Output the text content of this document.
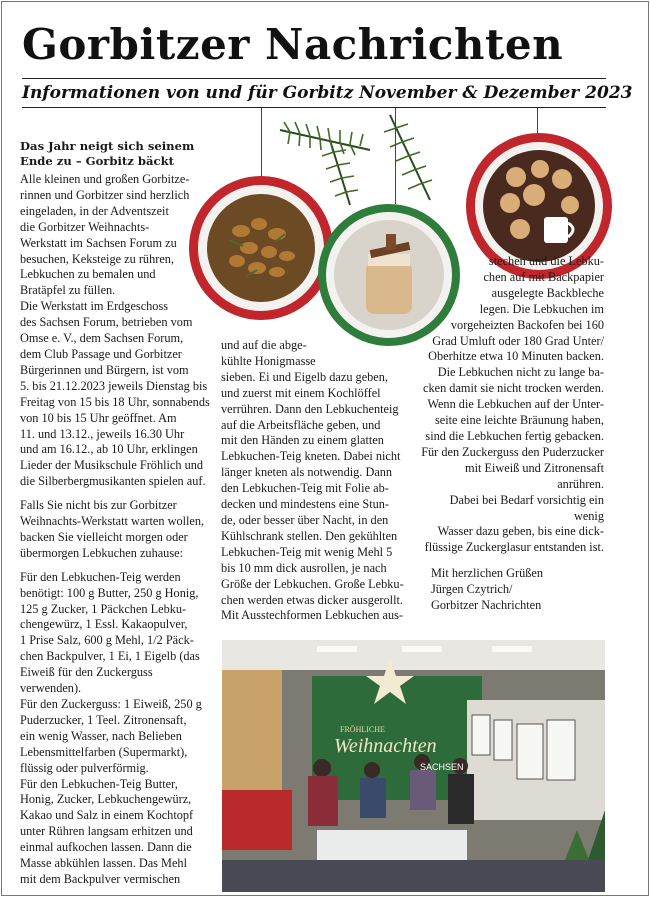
Gorbitzer Nachrichten
Informationen von und für Gorbitz November & Dezember 2023
Das Jahr neigt sich seinem
Ende zu – Gorbitz bäckt

Alle kleinen und großen Gorbitze-
rinnen und Gorbitzer sind herzlich
eingeladen, in der Adventszeit
die Gorbitzer Weihnachts-
Werkstatt im Sachsen Forum zu
besuchen, Keksteige zu rühren,
Lebkuchen zu bemalen und
Bratäpfel zu füllen.
Die Werkstatt im Erdgeschoss
des Sachsen Forum, betrieben vom
Omse e. V., dem Sachsen Forum,
dem Club Passage und Gorbitzer
Bürgerinnen und Bürgern, ist vom
5. bis 21.12.2023 jeweils Dienstag bis
Freitag von 15 bis 18 Uhr, sonnabends
von 10 bis 15 Uhr geöffnet. Am
11. und 13.12., jeweils 16.30 Uhr
und am 16.12., ab 10 Uhr, erklingen
Lieder der Musikschule Fröhlich und
die Silberbergmusikanten spielen auf.

Falls Sie nicht bis zur Gorbitzer
Weihnachts-Werkstatt warten wollen,
backen Sie vielleicht morgen oder
übermorgen Lebkuchen zuhause:

Für den Lebkuchen-Teig werden
benötigt: 100 g Butter, 250 g Honig,
125 g Zucker, 1 Päckchen Lebku-
chengewürz, 1 Essl. Kakaopulver,
1 Prise Salz, 600 g Mehl, 1/2 Päck-
chen Backpulver, 1 Ei, 1 Eigelb (das
Eiweiß für den Zuckerguss verwenden).
Für den Zuckerguss: 1 Eiweiß, 250 g
Puderzucker, 1 Teel. Zitronensaft,
ein wenig Wasser, nach Belieben
Lebensmittelfarben (Supermarkt),
flüssig oder pulverförmig.
Für den Lebkuchen-Teig Butter,
Honig, Zucker, Lebkuchengewürz,
Kakao und Salz in einem Kochtopf
unter Rühren langsam erhitzen und
einmal aufkochen lassen. Dann die
Masse abkühlen lassen. Das Mehl
mit dem Backpulver vermischen

und auf die abge-
kühlte Honigmasse
sieben. Ei und Eigelb dazu geben,
und zuerst mit einem Kochlöffel
verrühren. Dann den Lebkuchenteig
auf die Arbeitsfläche geben, und
mit den Händen zu einem glatten
Lebkuchen-Teig kneten. Dabei nicht
länger kneten als notwendig. Dann
den Lebkuchen-Teig mit Folie ab-
decken und mindestens eine Stun-
de, oder besser über Nacht, in den
Kühlschrank stellen. Den gekühlten
Lebkuchen-Teig mit wenig Mehl 5
bis 10 mm dick ausrollen, je nach
Größe der Lebkuchen. Große Lebku-
chen werden etwas dicker ausgerollt.
Mit Ausstechformen Lebkuchen aus-

stechen und die Lebku-
chen auf mit Backpapier
ausgelegte Backbleche
legen. Die Lebkuchen im
vorgeheizten Backofen bei 160
Grad Umluft oder 180 Grad Unter/
Oberhitze etwa 10 Minuten backen.
Die Lebkuchen nicht zu lange ba-
cken damit sie nicht trocken werden.
Wenn die Lebkuchen auf der Unter-
seite eine leichte Bräunung haben,
sind die Lebkuchen fertig gebacken.
Für den Zuckerguss den Puderzucker
mit Eiweiß und Zitronensaft anrühren.
Dabei bei Bedarf vorsichtig ein wenig
Wasser dazu geben, bis eine dick-
flüssige Zuckerglasur entstanden ist.

Mit herzlichen Grüßen
Jürgen Czytrich/
Gorbitzer Nachrichten

FRÖHLICHE
Weihnachten
SACHSEN
